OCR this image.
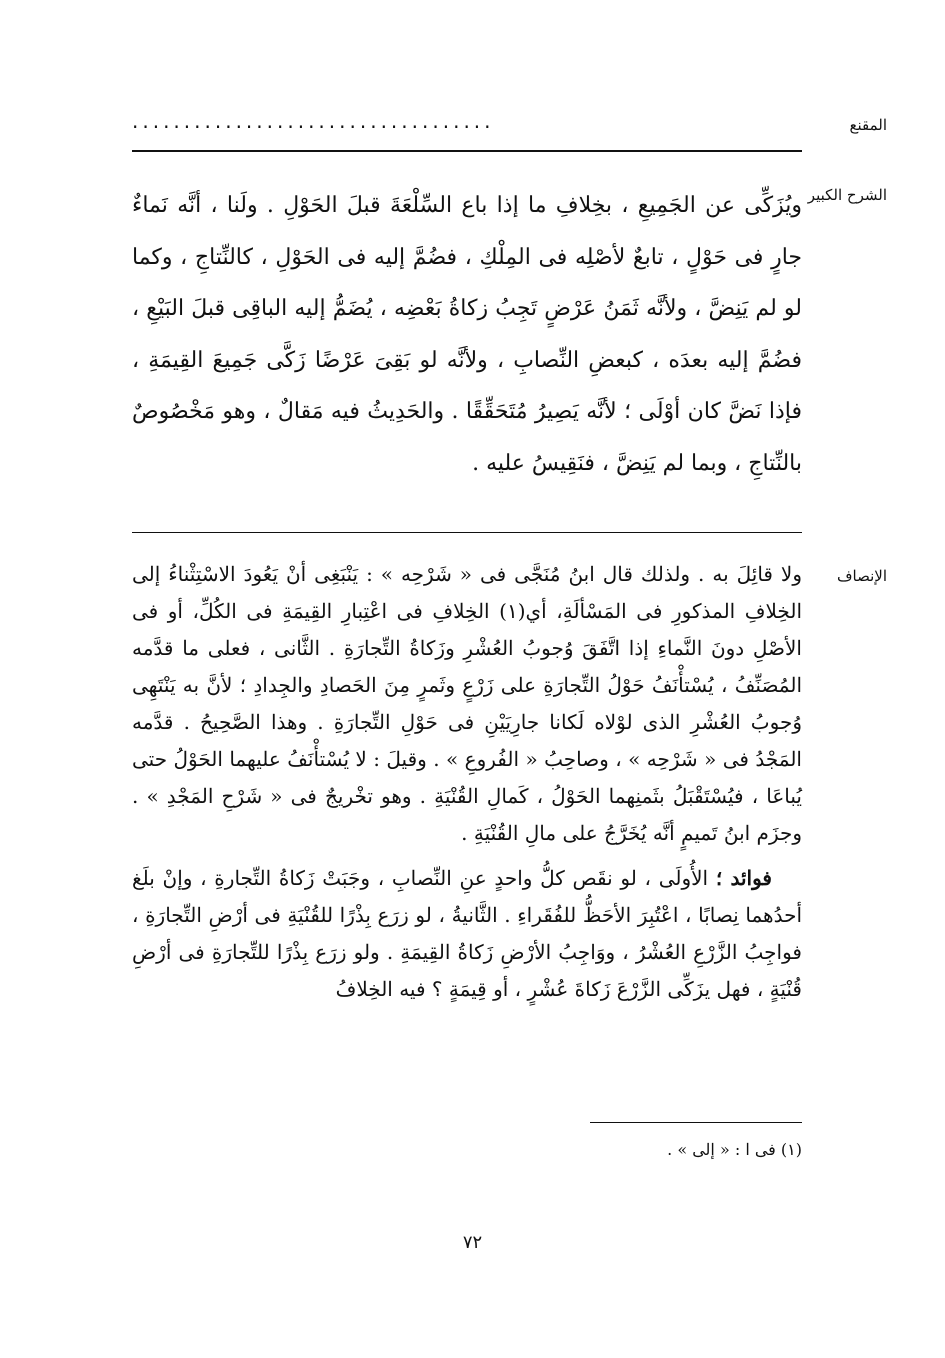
المقنع
...................................
الشرح الكبير

ويُزَكِّى عن الجَمِيعِ ، بخِلافِ ما إذا باع السِّلْعَةَ قبلَ الحَوْلِ . ولَنا ، أنَّه نَماءٌ جارٍ فى حَوْلٍ ، تابعٌ لأصْلِه فى المِلْكِ ، فضُمَّ إليه فى الحَوْلِ ، كالنِّتاجِ ، وكما لو لم يَنِضَّ ، ولأنَّه ثَمَنُ عَرْضٍ تَجِبُ زكاةُ بَعْضِه ، يُضَمُّ إليه الباقِى قبلَ البَيْعِ ، فضُمَّ إليه بعدَه ، كبعضِ النِّصابِ ، ولأنَّه لو بَقِىَ عَرْضًا زَكَّى جَمِيعَ القِيمَةِ ، فإذا نَضَّ كان أوْلَى ؛ لأنَّه يَصِيرُ مُتَحَقِّقًا . والحَدِيثُ فيه مَقالٌ ، وهو مَخْصُوصٌ بالنِّتاجِ ، وبما لم يَنِضَّ ، فنَقِيسُ عليه .

الإنصاف

ولا قائِلَ به . ولذلك قال ابنُ مُنَجَّى فى « شَرْحِه » : يَنْبَغِى أنْ يَعُودَ الاسْتِثْناءُ إلى الخِلافِ المذكورِ فى المَسْألَةِ، أي(١) الخِلافِ فى اعْتِبارِ القِيمَةِ فى الكُلِّ، أو فى الأصْلِ دونَ النَّماءِ إذا اتَّفَقَ وُجوبُ العُشْرِ وزَكاةُ التِّجارَةِ . الثَّانى ، فعلى ما قدَّمه المُصَنِّفُ ، يُسْتأْنَفُ حَوْلُ التِّجارَةِ على زَرْعٍ وثَمرٍ مِنَ الحَصادِ والجِدادِ ؛ لأنَّ به يَنْتَهِى وُجوبُ العُشْرِ الذى لوْلاه لَكانا جارِيَيْنِ فى حَوْلِ التِّجارَةِ . وهذا الصَّحِيحُ . قدَّمه المَجْدُ فى « شَرْحِه » ، وصاحِبُ « الفُروعِ » . وقيلَ : لا يُسْتأْنَفُ عليهما الحَوْلُ حتى يُباعَا ، فيُسْتَقْبَلُ بثَمنِهما الحَوْلُ ، كَمالِ القُنْيَةِ . وهو تخْريجٌ فى « شَرْحِ المَجْدِ » . وجزَم ابنُ تَميمٍ أنَّه يُخَرَّجُ على مالِ القُنْيَةِ .

فوائد ؛ الأُولَى ، لو نقَص كلُّ واحدٍ عنِ النِّصابِ ، وجَبَتْ زَكاةُ التِّجارةِ ، وإنْ بلَغ أحدُهما نِصابًا ، اعْتُبِرَ الأحَظُّ للفُقَراءِ . الثَّانيةُ ، لو زرَع بِذْرًا للقُنْيَةِ فى أرْضِ التِّجارَةِ ، فواجِبُ الزَّرْعِ العُشْرُ ، ووَاجِبُ الأرْضِ زَكاةُ القِيمَةِ . ولو زرَع بِذْرًا للتِّجارَةِ فى أرْضِ قُنْيَةٍ ، فهل يزَكِّى الزَّرْعَ زَكاةَ عُشْرٍ ، أو قِيمَةٍ ؟ فيه الخِلافُ

(١) فى ا : « إلى » .
٧٢
